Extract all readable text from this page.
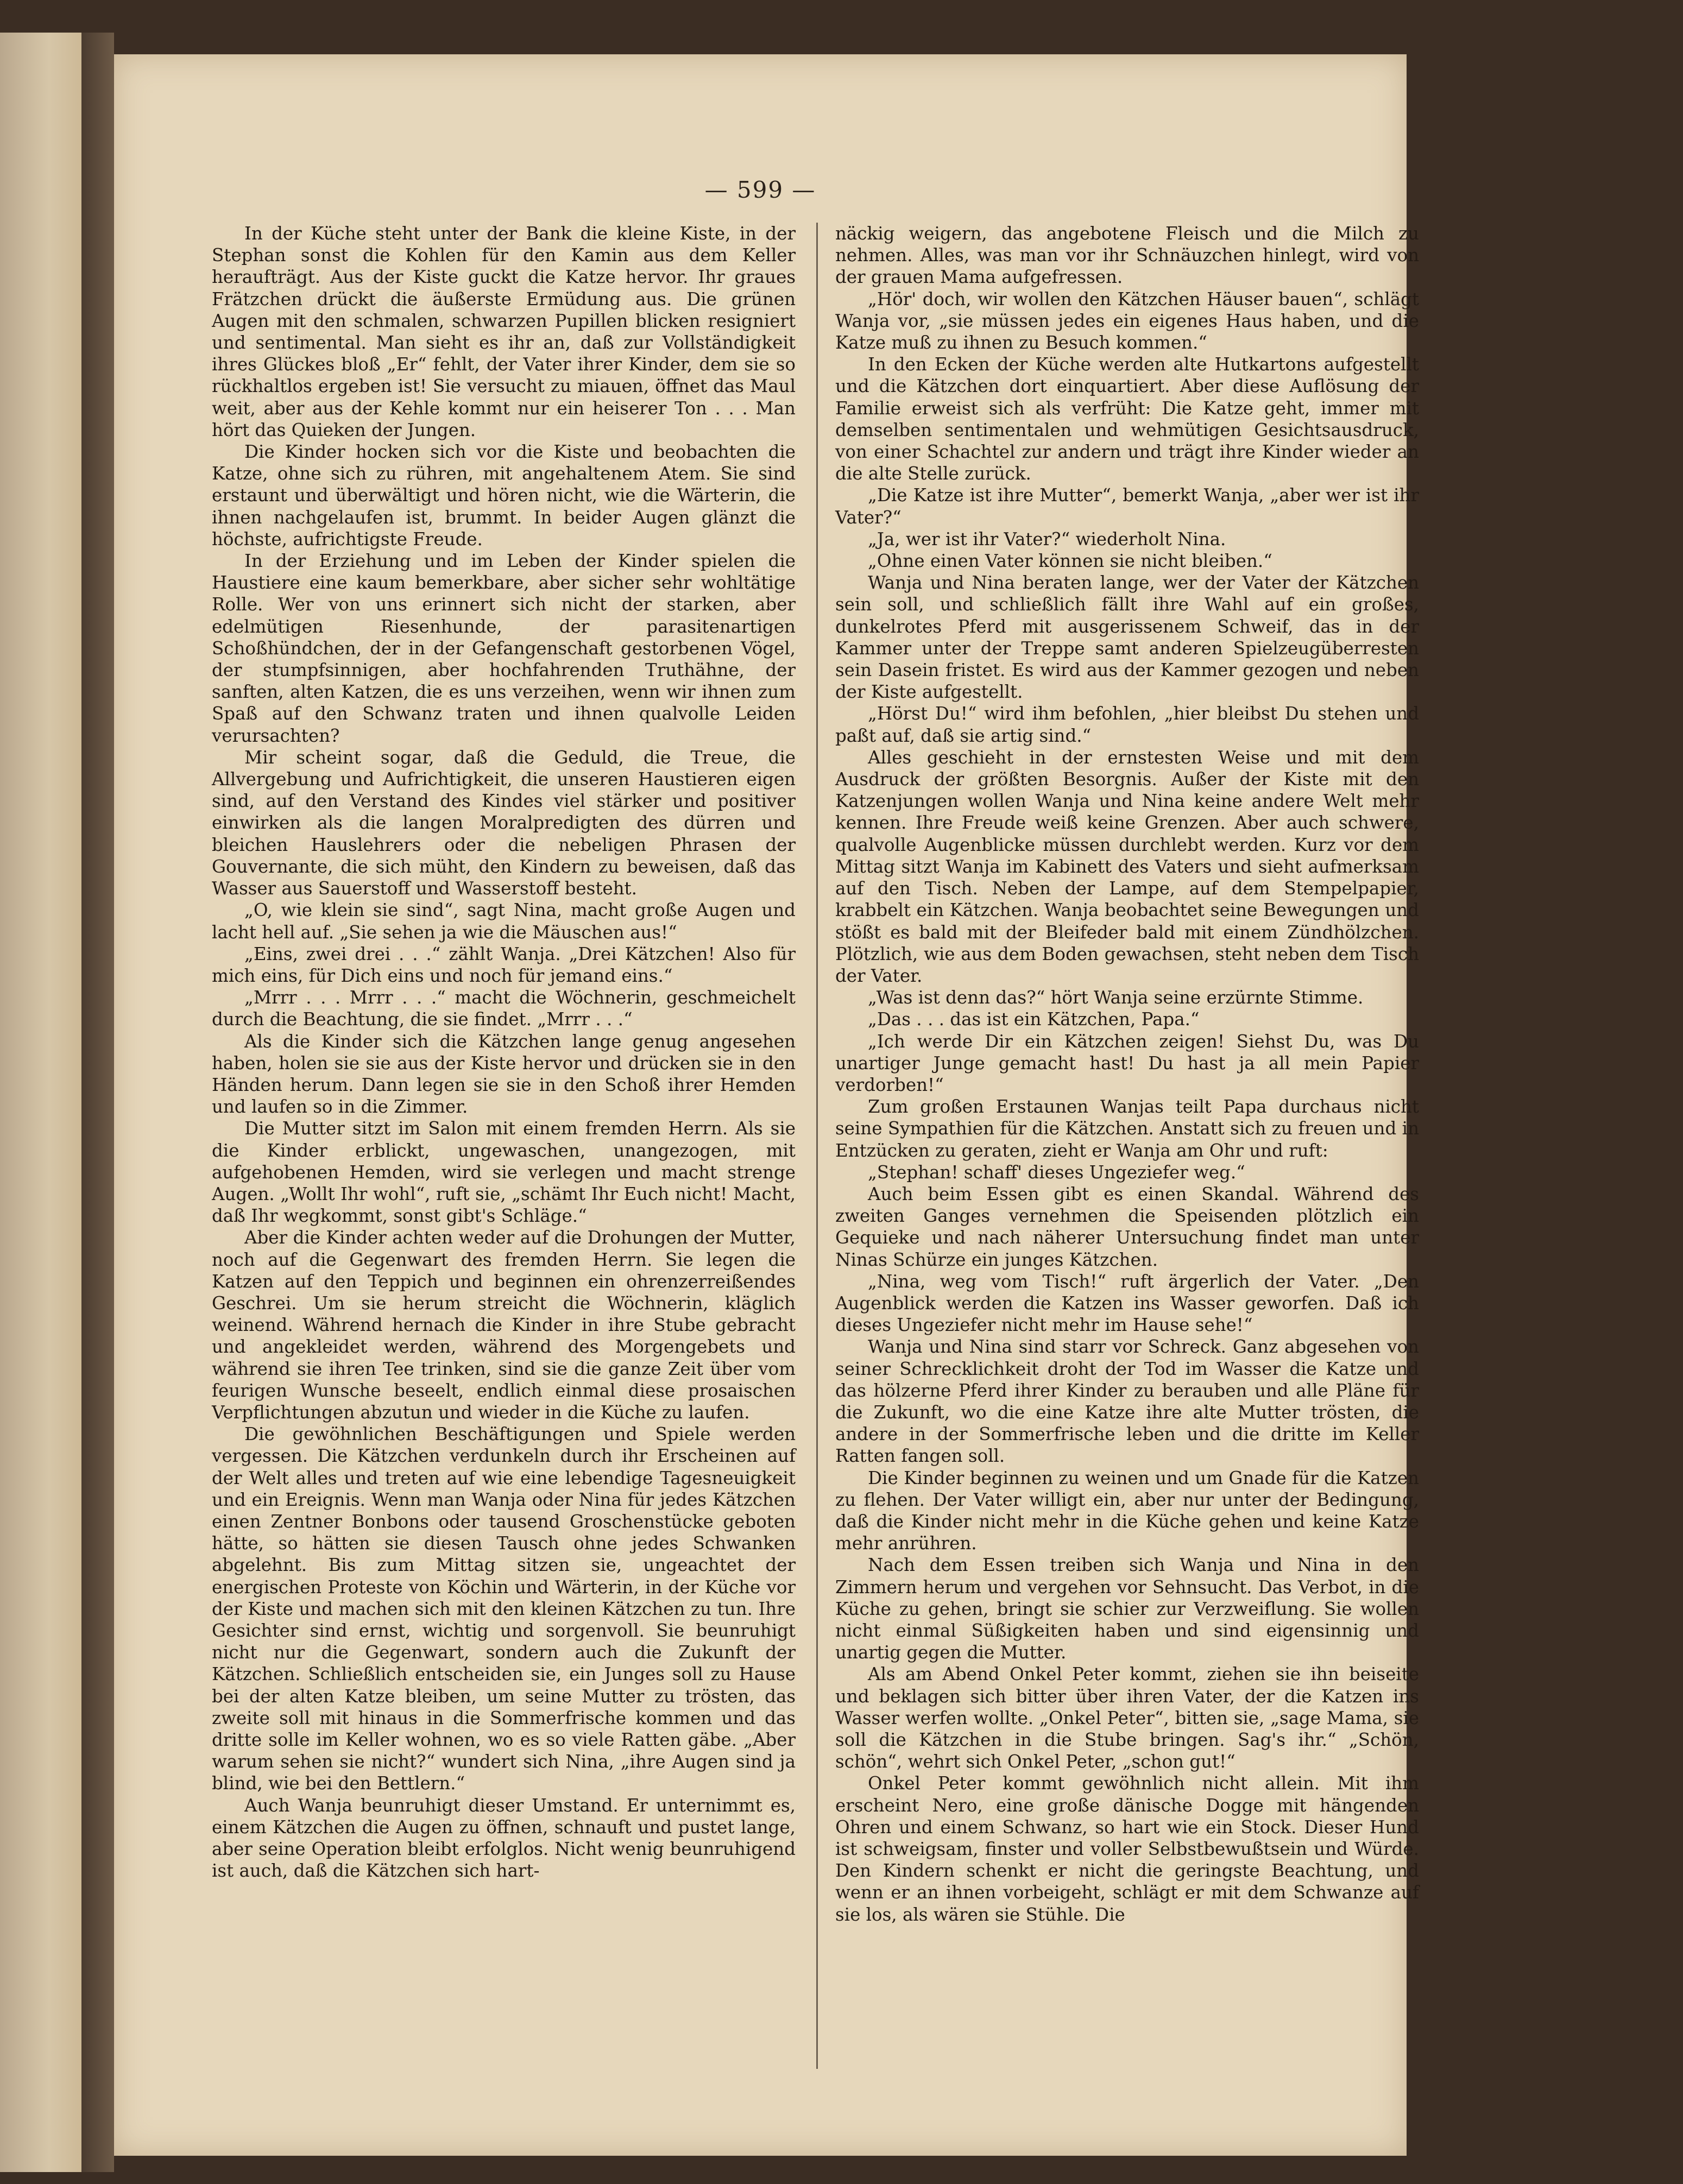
— 599 —

In der Küche steht unter der Bank die kleine Kiste, in der Stephan sonst die Kohlen für den Kamin aus dem Keller heraufträgt. Aus der Kiste guckt die Katze hervor. Ihr graues Frätzchen drückt die äußerste Ermüdung aus. Die grünen Augen mit den schmalen, schwarzen Pupillen blicken resigniert und sentimental. Man sieht es ihr an, daß zur Vollständigkeit ihres Glückes bloß „Er“ fehlt, der Vater ihrer Kinder, dem sie so rückhaltlos ergeben ist! Sie versucht zu miauen, öffnet das Maul weit, aber aus der Kehle kommt nur ein heiserer Ton . . . Man hört das Quieken der Jungen.

Die Kinder hocken sich vor die Kiste und beobachten die Katze, ohne sich zu rühren, mit angehaltenem Atem. Sie sind erstaunt und überwältigt und hören nicht, wie die Wärterin, die ihnen nachgelaufen ist, brummt. In beider Augen glänzt die höchste, aufrichtigste Freude.

In der Erziehung und im Leben der Kinder spielen die Haustiere eine kaum bemerkbare, aber sicher sehr wohltätige Rolle. Wer von uns erinnert sich nicht der starken, aber edelmütigen Riesenhunde, der parasitenartigen Schoßhündchen, der in der Gefangenschaft gestorbenen Vögel, der stumpfsinnigen, aber hochfahrenden Truthähne, der sanften, alten Katzen, die es uns verzeihen, wenn wir ihnen zum Spaß auf den Schwanz traten und ihnen qualvolle Leiden verursachten?

Mir scheint sogar, daß die Geduld, die Treue, die Allvergebung und Aufrichtigkeit, die unseren Haustieren eigen sind, auf den Verstand des Kindes viel stärker und positiver einwirken als die langen Moralpredigten des dürren und bleichen Hauslehrers oder die nebeligen Phrasen der Gouvernante, die sich müht, den Kindern zu beweisen, daß das Wasser aus Sauerstoff und Wasserstoff besteht.

„O, wie klein sie sind“, sagt Nina, macht große Augen und lacht hell auf. „Sie sehen ja wie die Mäuschen aus!“

„Eins, zwei drei . . .“ zählt Wanja. „Drei Kätzchen! Also für mich eins, für Dich eins und noch für jemand eins.“

„Mrrr . . . Mrrr . . .“ macht die Wöchnerin, geschmeichelt durch die Beachtung, die sie findet. „Mrrr . . .“

Als die Kinder sich die Kätzchen lange genug angesehen haben, holen sie sie aus der Kiste hervor und drücken sie in den Händen herum. Dann legen sie sie in den Schoß ihrer Hemden und laufen so in die Zimmer.

Die Mutter sitzt im Salon mit einem fremden Herrn. Als sie die Kinder erblickt, ungewaschen, unangezogen, mit aufgehobenen Hemden, wird sie verlegen und macht strenge Augen. „Wollt Ihr wohl“, ruft sie, „schämt Ihr Euch nicht! Macht, daß Ihr wegkommt, sonst gibt's Schläge.“

Aber die Kinder achten weder auf die Drohungen der Mutter, noch auf die Gegenwart des fremden Herrn. Sie legen die Katzen auf den Teppich und beginnen ein ohrenzerreißendes Geschrei. Um sie herum streicht die Wöchnerin, kläglich weinend. Während hernach die Kinder in ihre Stube gebracht und angekleidet werden, während des Morgengebets und während sie ihren Tee trinken, sind sie die ganze Zeit über vom feurigen Wunsche beseelt, endlich einmal diese prosaischen Verpflichtungen abzutun und wieder in die Küche zu laufen.

Die gewöhnlichen Beschäftigungen und Spiele werden vergessen. Die Kätzchen verdunkeln durch ihr Erscheinen auf der Welt alles und treten auf wie eine lebendige Tagesneuigkeit und ein Ereignis. Wenn man Wanja oder Nina für jedes Kätzchen einen Zentner Bonbons oder tausend Groschenstücke geboten hätte, so hätten sie diesen Tausch ohne jedes Schwanken abgelehnt. Bis zum Mittag sitzen sie, ungeachtet der energischen Proteste von Köchin und Wärterin, in der Küche vor der Kiste und machen sich mit den kleinen Kätzchen zu tun. Ihre Gesichter sind ernst, wichtig und sorgenvoll. Sie beunruhigt nicht nur die Gegenwart, sondern auch die Zukunft der Kätzchen. Schließlich entscheiden sie, ein Junges soll zu Hause bei der alten Katze bleiben, um seine Mutter zu trösten, das zweite soll mit hinaus in die Sommerfrische kommen und das dritte solle im Keller wohnen, wo es so viele Ratten gäbe. „Aber warum sehen sie nicht?“ wundert sich Nina, „ihre Augen sind ja blind, wie bei den Bettlern.“

Auch Wanja beunruhigt dieser Umstand. Er unternimmt es, einem Kätzchen die Augen zu öffnen, schnauft und pustet lange, aber seine Operation bleibt erfolglos. Nicht wenig beunruhigend ist auch, daß die Kätzchen sich hart-

näckig weigern, das angebotene Fleisch und die Milch zu nehmen. Alles, was man vor ihr Schnäuzchen hinlegt, wird von der grauen Mama aufgefressen.

„Hör' doch, wir wollen den Kätzchen Häuser bauen“, schlägt Wanja vor, „sie müssen jedes ein eigenes Haus haben, und die Katze muß zu ihnen zu Besuch kommen.“

In den Ecken der Küche werden alte Hutkartons aufgestellt und die Kätzchen dort einquartiert. Aber diese Auflösung der Familie erweist sich als verfrüht: Die Katze geht, immer mit demselben sentimentalen und wehmütigen Gesichtsausdruck, von einer Schachtel zur andern und trägt ihre Kinder wieder an die alte Stelle zurück.

„Die Katze ist ihre Mutter“, bemerkt Wanja, „aber wer ist ihr Vater?“

„Ja, wer ist ihr Vater?“ wiederholt Nina.

„Ohne einen Vater können sie nicht bleiben.“

Wanja und Nina beraten lange, wer der Vater der Kätzchen sein soll, und schließlich fällt ihre Wahl auf ein großes, dunkelrotes Pferd mit ausgerissenem Schweif, das in der Kammer unter der Treppe samt anderen Spielzeugüberresten sein Dasein fristet. Es wird aus der Kammer gezogen und neben der Kiste aufgestellt.

„Hörst Du!“ wird ihm befohlen, „hier bleibst Du stehen und paßt auf, daß sie artig sind.“

Alles geschieht in der ernstesten Weise und mit dem Ausdruck der größten Besorgnis. Außer der Kiste mit den Katzenjungen wollen Wanja und Nina keine andere Welt mehr kennen. Ihre Freude weiß keine Grenzen. Aber auch schwere, qualvolle Augenblicke müssen durchlebt werden. Kurz vor dem Mittag sitzt Wanja im Kabinett des Vaters und sieht aufmerksam auf den Tisch. Neben der Lampe, auf dem Stempelpapier, krabbelt ein Kätzchen. Wanja beobachtet seine Bewegungen und stößt es bald mit der Bleifeder bald mit einem Zündhölzchen. Plötzlich, wie aus dem Boden gewachsen, steht neben dem Tisch der Vater.

„Was ist denn das?“ hört Wanja seine erzürnte Stimme.

„Das . . . das ist ein Kätzchen, Papa.“

„Ich werde Dir ein Kätzchen zeigen! Siehst Du, was Du unartiger Junge gemacht hast! Du hast ja all mein Papier verdorben!“

Zum großen Erstaunen Wanjas teilt Papa durchaus nicht seine Sympathien für die Kätzchen. Anstatt sich zu freuen und in Entzücken zu geraten, zieht er Wanja am Ohr und ruft:

„Stephan! schaff' dieses Ungeziefer weg.“

Auch beim Essen gibt es einen Skandal. Während des zweiten Ganges vernehmen die Speisenden plötzlich ein Gequieke und nach näherer Untersuchung findet man unter Ninas Schürze ein junges Kätzchen.

„Nina, weg vom Tisch!“ ruft ärgerlich der Vater. „Den Augenblick werden die Katzen ins Wasser geworfen. Daß ich dieses Ungeziefer nicht mehr im Hause sehe!“

Wanja und Nina sind starr vor Schreck. Ganz abgesehen von seiner Schrecklichkeit droht der Tod im Wasser die Katze und das hölzerne Pferd ihrer Kinder zu berauben und alle Pläne für die Zukunft, wo die eine Katze ihre alte Mutter trösten, die andere in der Sommerfrische leben und die dritte im Keller Ratten fangen soll.

Die Kinder beginnen zu weinen und um Gnade für die Katzen zu flehen. Der Vater willigt ein, aber nur unter der Bedingung, daß die Kinder nicht mehr in die Küche gehen und keine Katze mehr anrühren.

Nach dem Essen treiben sich Wanja und Nina in den Zimmern herum und vergehen vor Sehnsucht. Das Verbot, in die Küche zu gehen, bringt sie schier zur Verzweiflung. Sie wollen nicht einmal Süßigkeiten haben und sind eigensinnig und unartig gegen die Mutter.

Als am Abend Onkel Peter kommt, ziehen sie ihn beiseite und beklagen sich bitter über ihren Vater, der die Katzen ins Wasser werfen wollte. „Onkel Peter“, bitten sie, „sage Mama, sie soll die Kätzchen in die Stube bringen. Sag's ihr.“ „Schön, schön“, wehrt sich Onkel Peter, „schon gut!“

Onkel Peter kommt gewöhnlich nicht allein. Mit ihm erscheint Nero, eine große dänische Dogge mit hängenden Ohren und einem Schwanz, so hart wie ein Stock. Dieser Hund ist schweigsam, finster und voller Selbstbewußtsein und Würde. Den Kindern schenkt er nicht die geringste Beachtung, und wenn er an ihnen vorbeigeht, schlägt er mit dem Schwanze auf sie los, als wären sie Stühle. Die
